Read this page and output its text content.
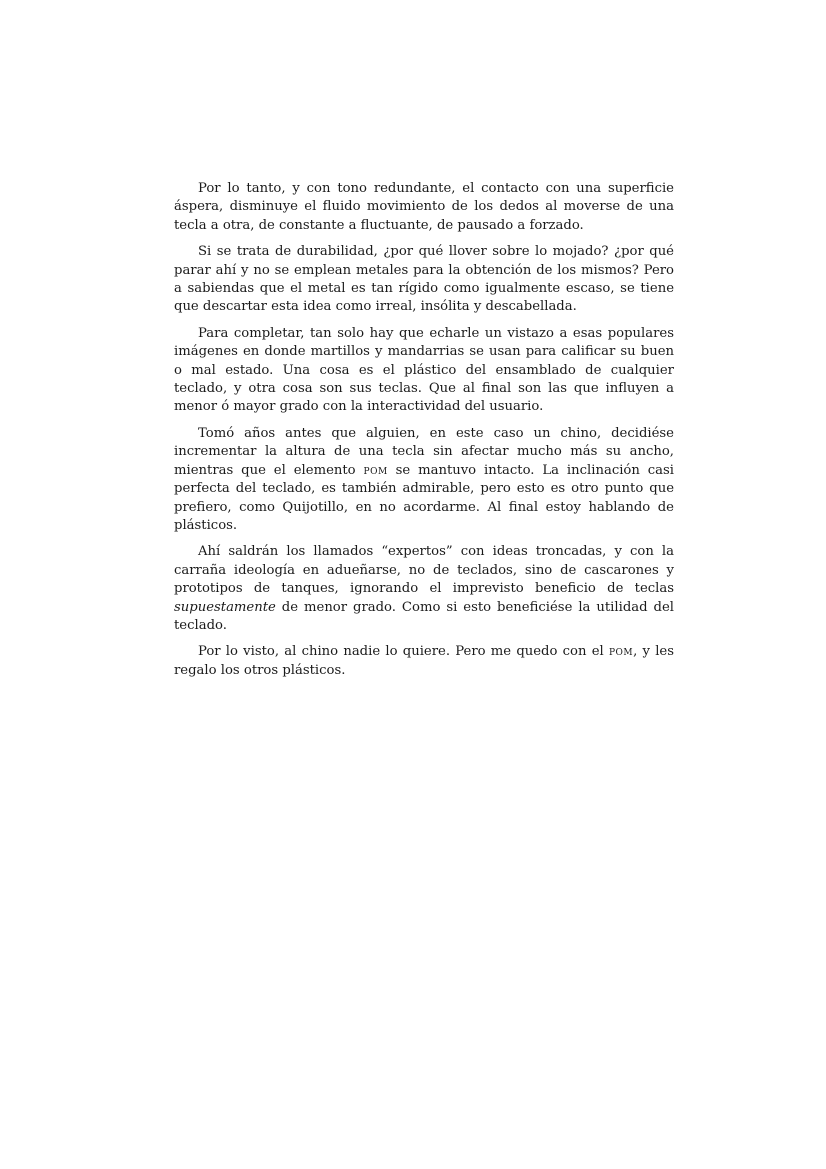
Por lo tanto, y con tono redundante, el contacto con una superficie áspera, disminuye el fluido movimiento de los dedos al moverse de una tecla a otra, de constante a fluctuante, de pausado a forzado.

Si se trata de durabilidad, ¿por qué llover sobre lo mojado? ¿por qué parar ahí y no se emplean metales para la obtención de los mismos? Pero a sabiendas que el metal es tan rígido como igualmente escaso, se tiene que descartar esta idea como irreal, insólita y descabellada.

Para completar, tan solo hay que echarle un vistazo a esas populares imágenes en donde martillos y mandarrias se usan para calificar su buen o mal estado. Una cosa es el plástico del ensamblado de cualquier teclado, y otra cosa son sus teclas. Que al final son las que influyen a menor ó mayor grado con la interactividad del usuario.

Tomó años antes que alguien, en este caso un chino, decidiése incrementar la altura de una tecla sin afectar mucho más su ancho, mientras que el elemento pom se mantuvo intacto. La inclinación casi perfecta del teclado, es también admirable, pero esto es otro punto que prefiero, como Quijotillo, en no acordarme. Al final estoy hablando de plásticos.

Ahí saldrán los llamados “expertos” con ideas troncadas, y con la carraña ideología en adueñarse, no de teclados, sino de cascarones y prototipos de tanques, ignorando el imprevisto beneficio de teclas supuestamente de menor grado. Como si esto beneficiése la utilidad del teclado.

Por lo visto, al chino nadie lo quiere. Pero me quedo con el pom, y les regalo los otros plásticos.
